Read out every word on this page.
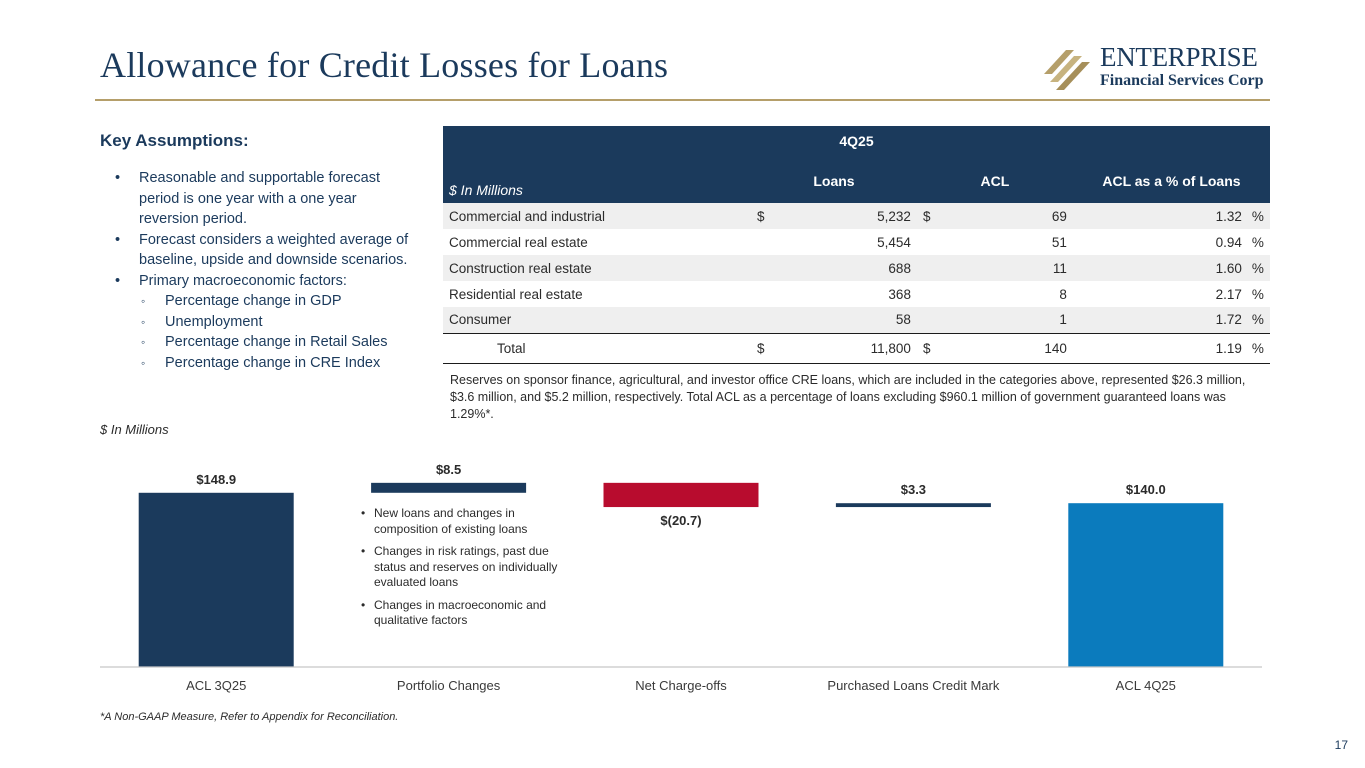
Allowance for Credit Losses for Loans	ENTERPRISE
Financial Services Corp
Key Assumptions:
• Reasonable and supportable forecast period is one year with a one year reversion period.
• Forecast considers a weighted average of baseline, upside and downside scenarios.
• Primary macroeconomic factors:
◦ Percentage change in GDP
◦ Unemployment
◦ Percentage change in Retail Sales
◦ Percentage change in CRE Index
4Q25						
$ In Millions	Loans		ACL		ACL as a % of Loans	
Commercial and industrial	$	5,232	$	69	1.32	%
Commercial real estate		5,454		51	0.94	%
Construction real estate		688		11	1.60	%
Residential real estate		368		8	2.17	%
Consumer		58		1	1.72	%
Total	$	11,800	$	140	1.19	%
Reserves on sponsor finance, agricultural, and investor office CRE loans, which are included in the categories above, represented $26.3 million, $3.6 million, and $5.2 million, respectively. Total ACL as a percentage of loans excluding $960.1 million of government guaranteed loans was 1.29%*.
$ In Millions
$148.9
ACL 3Q25
$8.5
Portfolio Changes
$(20.7)
Net Charge-offs
$3.3
Purchased Loans Credit Mark
$140.0
ACL 4Q25
• New loans and changes in composition of existing loans
• Changes in risk ratings, past due status and reserves on individually evaluated loans
• Changes in macroeconomic and qualitative factors
*A Non-GAAP Measure, Refer to Appendix for Reconciliation.
17
